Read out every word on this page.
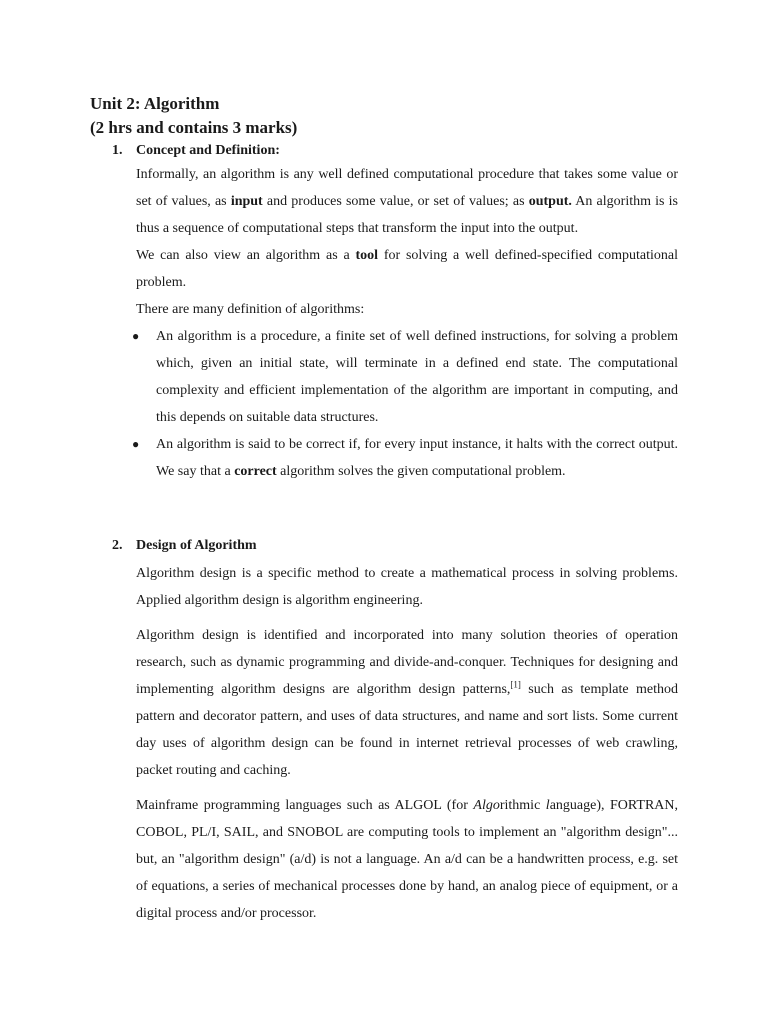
Unit 2: Algorithm
(2 hrs and contains 3 marks)
1. Concept and Definition:

Informally, an algorithm is any well defined computational procedure that takes some value or set of values, as input and produces some value, or set of values; as output. An algorithm is is thus a sequence of computational steps that transform the input into the output.

We can also view an algorithm as a tool for solving a well defined-specified computational problem.

There are many definition of algorithms:

● An algorithm is a procedure, a finite set of well defined instructions, for solving a problem which, given an initial state, will terminate in a defined end state. The computational complexity and efficient implementation of the algorithm are important in computing, and this depends on suitable data structures.
● An algorithm is said to be correct if, for every input instance, it halts with the correct output. We say that a correct algorithm solves the given computational problem.
2. Design of Algorithm

Algorithm design is a specific method to create a mathematical process in solving problems. Applied algorithm design is algorithm engineering.

Algorithm design is identified and incorporated into many solution theories of operation research, such as dynamic programming and divide-and-conquer. Techniques for designing and implementing algorithm designs are algorithm design patterns,[1] such as template method pattern and decorator pattern, and uses of data structures, and name and sort lists. Some current day uses of algorithm design can be found in internet retrieval processes of web crawling, packet routing and caching.

Mainframe programming languages such as ALGOL (for Algorithmic language), FORTRAN, COBOL, PL/I, SAIL, and SNOBOL are computing tools to implement an "algorithm design"... but, an "algorithm design" (a/d) is not a language. An a/d can be a handwritten process, e.g. set of equations, a series of mechanical processes done by hand, an analog piece of equipment, or a digital process and/or processor.
